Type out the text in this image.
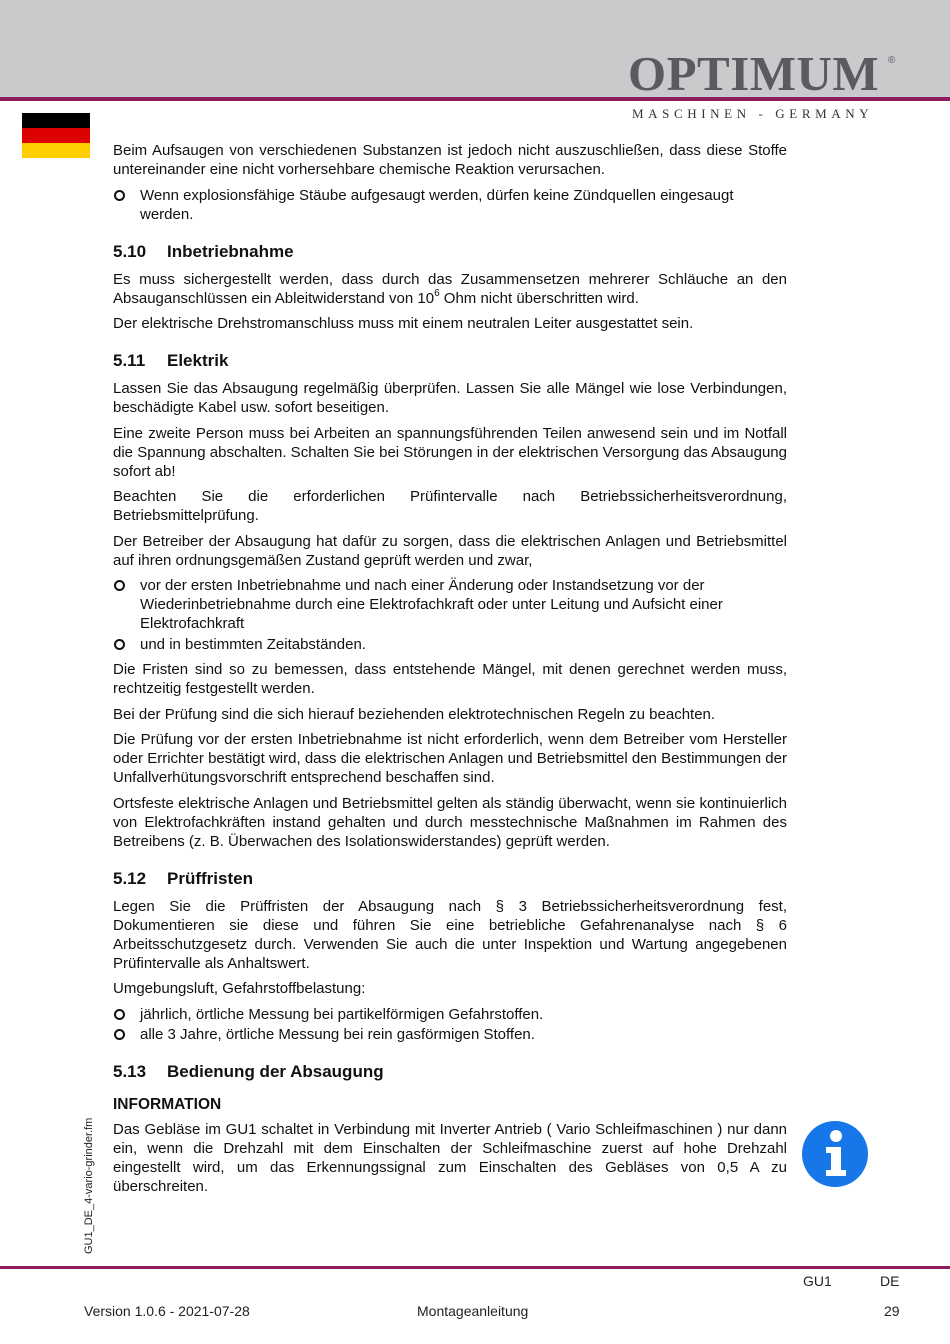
OPTIMUM ®
MASCHINEN - GERMANY

Beim Aufsaugen von verschiedenen Substanzen ist jedoch nicht auszuschließen, dass diese Stoffe untereinander eine nicht vorhersehbare chemische Reaktion verursachen.

Wenn explosionsfähige Stäube aufgesaugt werden, dürfen keine Zündquellen eingesaugt werden.
5.10 Inbetriebnahme

Es muss sichergestellt werden, dass durch das Zusammensetzen mehrerer Schläuche an den Absauganschlüssen ein Ableitwiderstand von $10^6$ Ohm nicht überschritten wird.

Der elektrische Drehstromanschluss muss mit einem neutralen Leiter ausgestattet sein.

5.11 Elektrik

Lassen Sie das Absaugung regelmäßig überprüfen. Lassen Sie alle Mängel wie lose Verbindungen, beschädigte Kabel usw. sofort beseitigen.

Eine zweite Person muss bei Arbeiten an spannungsführenden Teilen anwesend sein und im Notfall die Spannung abschalten. Schalten Sie bei Störungen in der elektrischen Versorgung das Absaugung sofort ab!

Beachten Sie die erforderlichen Prüfintervalle nach Betriebssicherheitsverordnung, Betriebsmittelprüfung.

Der Betreiber der Absaugung hat dafür zu sorgen, dass die elektrischen Anlagen und Betriebsmittel auf ihren ordnungsgemäßen Zustand geprüft werden und zwar,

vor der ersten Inbetriebnahme und nach einer Änderung oder Instandsetzung vor der Wiederinbetriebnahme durch eine Elektrofachkraft oder unter Leitung und Aufsicht einer Elektrofachkraft
und in bestimmten Zeitabständen.

Die Fristen sind so zu bemessen, dass entstehende Mängel, mit denen gerechnet werden muss, rechtzeitig festgestellt werden.

Bei der Prüfung sind die sich hierauf beziehenden elektrotechnischen Regeln zu beachten.

Die Prüfung vor der ersten Inbetriebnahme ist nicht erforderlich, wenn dem Betreiber vom Hersteller oder Errichter bestätigt wird, dass die elektrischen Anlagen und Betriebsmittel den Bestimmungen der Unfallverhütungsvorschrift entsprechend beschaffen sind.

Ortsfeste elektrische Anlagen und Betriebsmittel gelten als ständig überwacht, wenn sie kontinuierlich von Elektrofachkräften instand gehalten und durch messtechnische Maßnahmen im Rahmen des Betreibens (z. B. Überwachen des Isolationswiderstandes) geprüft werden.

5.12 Prüffristen

Legen Sie die Prüffristen der Absaugung nach § 3 Betriebssicherheitsverordnung fest, Dokumentieren sie diese und führen Sie eine betriebliche Gefahrenanalyse nach § 6 Arbeitsschutzgesetz durch. Verwenden Sie auch die unter Inspektion und Wartung angegebenen Prüfintervalle als Anhaltswert.

Umgebungsluft, Gefahrstoffbelastung:

jährlich, örtliche Messung bei partikelförmigen Gefahrstoffen.
alle 3 Jahre, örtliche Messung bei rein gasförmigen Stoffen.
5.13 Bedienung der Absaugung
INFORMATION

Das Gebläse im GU1 schaltet in Verbindung mit Inverter Antrieb ( Vario Schleifmaschinen ) nur dann ein, wenn die Drehzahl mit dem Einschalten der Schleifmaschine zuerst auf hohe Drehzahl eingestellt wird, um das Erkennungssignal zum Einschalten des Gebläses von 0,5 A zu überschreiten.

GU1_DE_4-vario-grinder.fm
GU1	DE
Version 1.0.6 - 2021-07-28	Montageanleitung	29
